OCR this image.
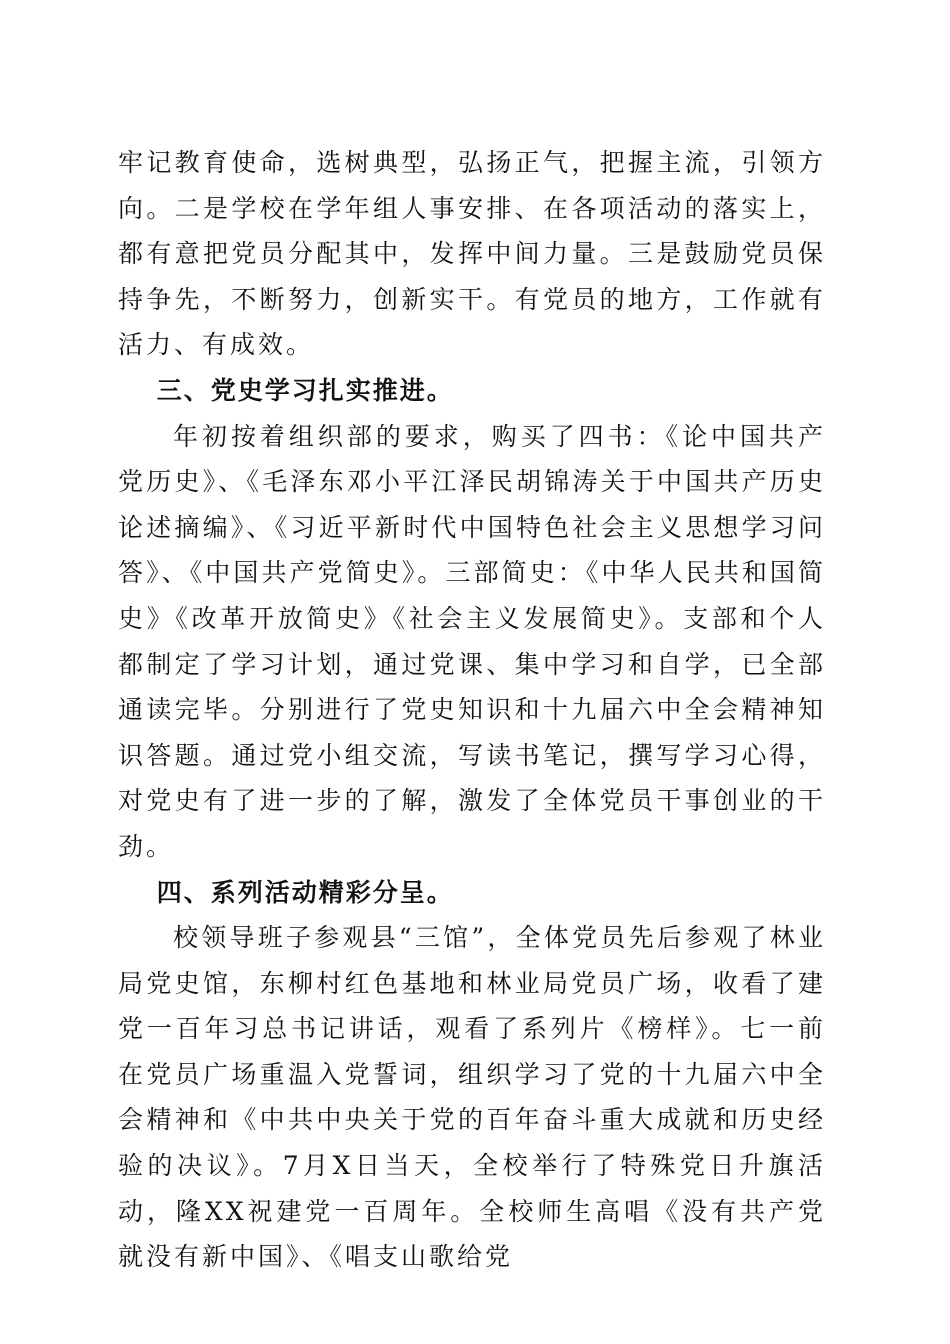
牢记教育使命，选树典型，弘扬正气，把握主流，引领方向。二是学校在学年组人事安排、在各项活动的落实上，都有意把党员分配其中，发挥中间力量。三是鼓励党员保持争先，不断努力，创新实干。有党员的地方，工作就有活力、有成效。

三、党史学习扎实推进。

年初按着组织部的要求，购买了四书：《论中国共产党历史》、《毛泽东邓小平江泽民胡锦涛关于中国共产历史论述摘编》、《习近平新时代中国特色社会主义思想学习问答》、《中国共产党简史》。三部简史：《中华人民共和国简史》《改革开放简史》《社会主义发展简史》。支部和个人都制定了学习计划，通过党课、集中学习和自学，已全部通读完毕。分别进行了党史知识和十九届六中全会精神知识答题。通过党小组交流，写读书笔记，撰写学习心得，对党史有了进一步的了解，激发了全体党员干事创业的干劲。

四、系列活动精彩分呈。

校领导班子参观县“三馆”，全体党员先后参观了林业局党史馆，东柳村红色基地和林业局党员广场，收看了建党一百年习总书记讲话，观看了系列片《榜样》。七一前在党员广场重温入党誓词，组织学习了党的十九届六中全会精神和《中共中央关于党的百年奋斗重大成就和历史经验的决议》。7月X日当天，全校举行了特殊党日升旗活动，隆XX祝建党一百周年。全校师生高唱《没有共产党就没有新中国》、《唱支山歌给党
